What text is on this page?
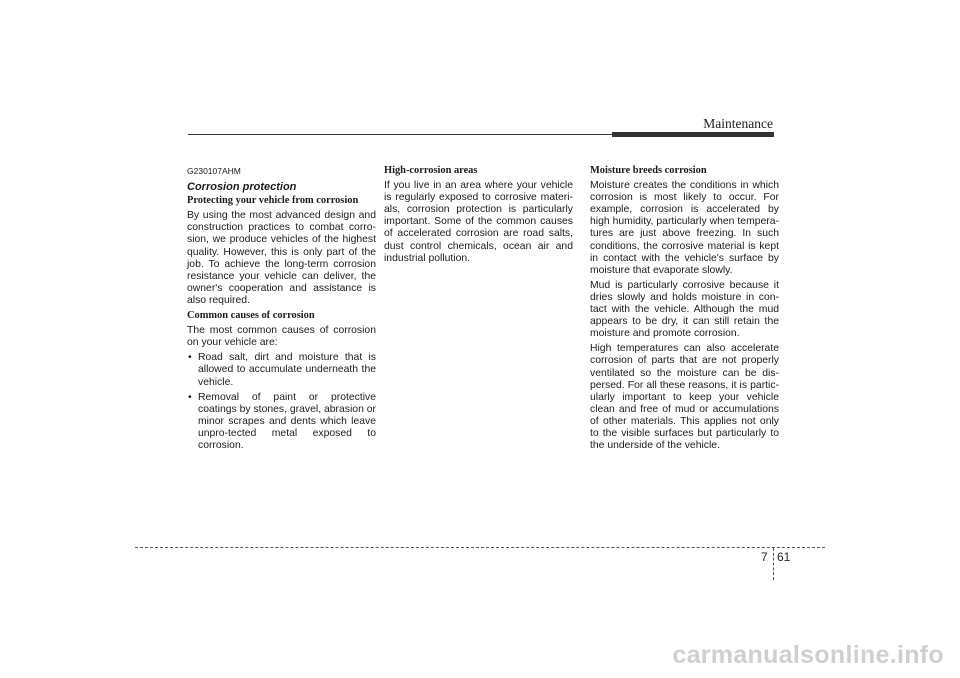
Maintenance

G230107AHM

Corrosion protection

Protecting your vehicle from corrosion

By using the most advanced design and construction practices to combat corro-sion, we produce vehicles of the highest quality. However, this is only part of the job. To achieve the long-term corrosion resistance your vehicle can deliver, the owner's cooperation and assistance is also required.

Common causes of corrosion

The most common causes of corrosion on your vehicle are:

• Road salt, dirt and moisture that is allowed to accumulate underneath the vehicle.
• Removal of paint or protective coatings by stones, gravel, abrasion or minor scrapes and dents which leave unpro-tected metal exposed to corrosion.

High-corrosion areas

If you live in an area where your vehicle is regularly exposed to corrosive materi-als, corrosion protection is particularly important. Some of the common causes of accelerated corrosion are road salts, dust control chemicals, ocean air and industrial pollution.

Moisture breeds corrosion

Moisture creates the conditions in which corrosion is most likely to occur. For example, corrosion is accelerated by high humidity, particularly when tempera-tures are just above freezing. In such conditions, the corrosive material is kept in contact with the vehicle's surface by moisture that evaporate slowly.

Mud is particularly corrosive because it dries slowly and holds moisture in con-tact with the vehicle. Although the mud appears to be dry, it can still retain the moisture and promote corrosion.

High temperatures can also accelerate corrosion of parts that are not properly ventilated so the moisture can be dis-persed. For all these reasons, it is partic-ularly important to keep your vehicle clean and free of mud or accumulations of other materials. This applies not only to the visible surfaces but particularly to the underside of the vehicle.

7 61
carmanualsonline.info
